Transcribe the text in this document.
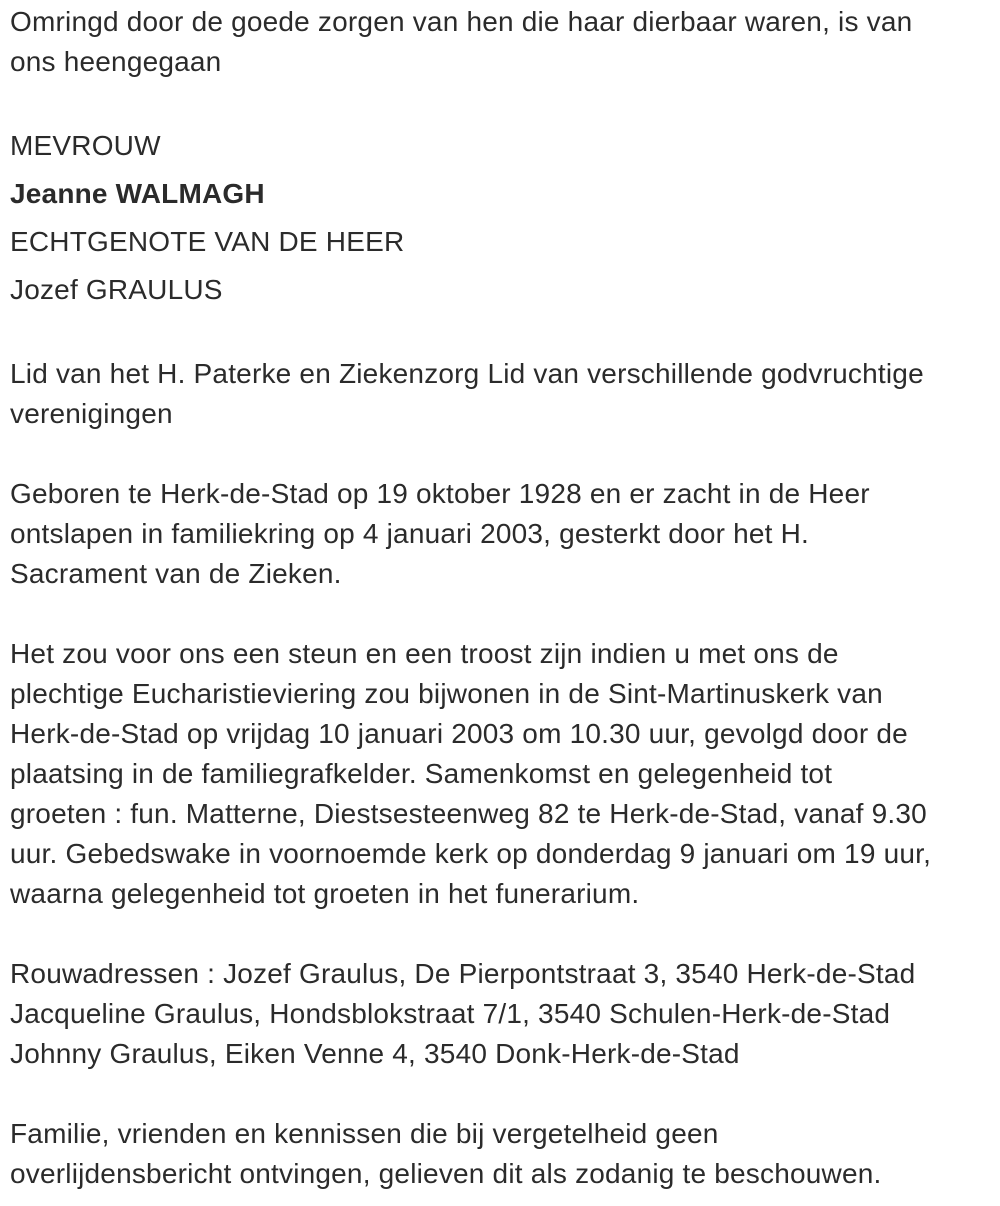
Omringd door de goede zorgen van hen die haar dierbaar waren, is van
ons heengegaan
MEVROUW
Jeanne WALMAGH
ECHTGENOTE VAN DE HEER
Jozef GRAULUS
Lid van het H. Paterke en Ziekenzorg Lid van verschillende godvruchtige
verenigingen
Geboren te Herk-de-Stad op 19 oktober 1928 en er zacht in de Heer
ontslapen in familiekring op 4 januari 2003, gesterkt door het H.
Sacrament van de Zieken.
Het zou voor ons een steun en een troost zijn indien u met ons de
plechtige Eucharistieviering zou bijwonen in de Sint-Martinuskerk van
Herk-de-Stad op vrijdag 10 januari 2003 om 10.30 uur, gevolgd door de
plaatsing in de familiegrafkelder. Samenkomst en gelegenheid tot
groeten : fun. Matterne, Diestsesteenweg 82 te Herk-de-Stad, vanaf 9.30
uur. Gebedswake in voornoemde kerk op donderdag 9 januari om 19 uur,
waarna gelegenheid tot groeten in het funerarium.
Rouwadressen : Jozef Graulus, De Pierpontstraat 3, 3540 Herk-de-Stad
Jacqueline Graulus, Hondsblokstraat 7/1, 3540 Schulen-Herk-de-Stad
Johnny Graulus, Eiken Venne 4, 3540 Donk-Herk-de-Stad
Familie, vrienden en kennissen die bij vergetelheid geen
overlijdensbericht ontvingen, gelieven dit als zodanig te beschouwen.
